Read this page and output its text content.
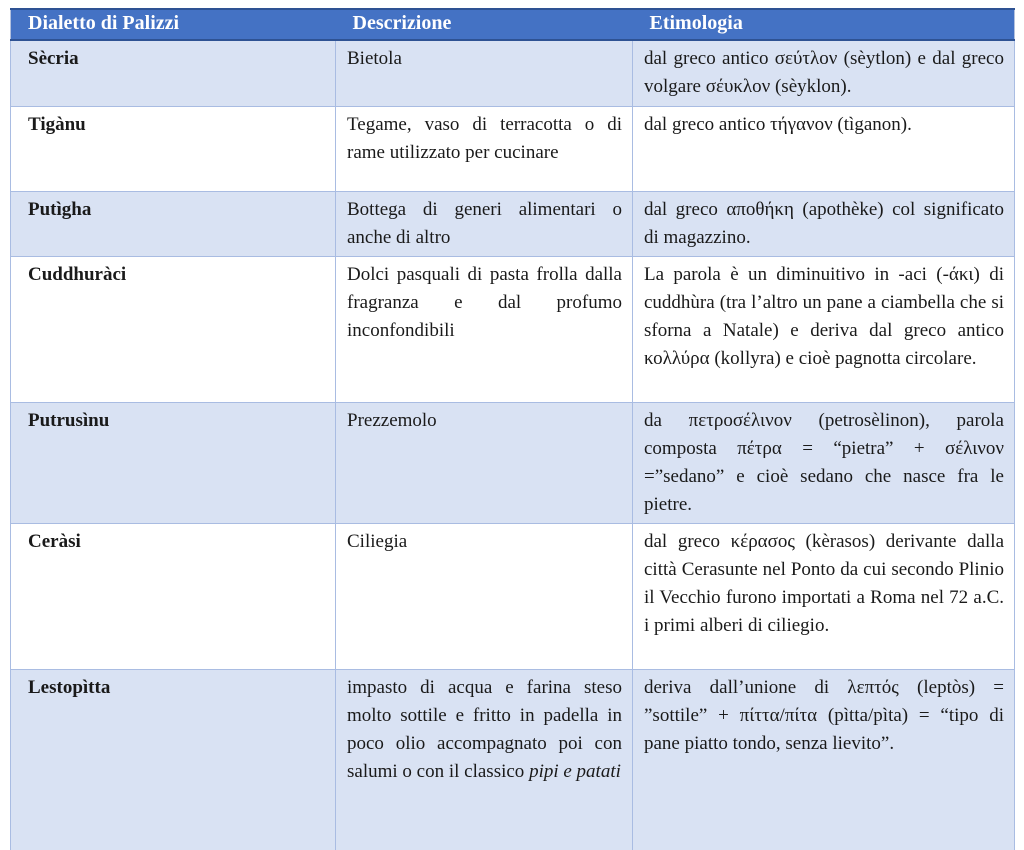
Dialetto di Palizzi	Descrizione	Etimologia
Sècria	Bietola	dal greco antico σεύτλον (sèytlon) e dal greco volgare σέυκλον (sèyklon).
Tigànu	Tegame, vaso di terracotta o di rame utilizzato per cucinare	dal greco antico τήγανον (tìganon).
Putìgha	Bottega di generi alimentari o anche di altro	dal greco αποθήκη (apothèke) col significato di magazzino.
Cuddhuràci	Dolci pasquali di pasta frolla dalla fragranza e dal profumo inconfondibili	La parola è un diminuitivo in -aci (-άκι) di cuddhùra (tra l’altro un pane a ciambella che si sforna a Natale) e deriva dal greco antico κολλύρα (kollyra) e cioè pagnotta circolare.
Putrusìnu	Prezzemolo	da πετροσέλινον (petrosèlinon), parola composta πέτρα = “pietra” + σέλινον =”sedano” e cioè sedano che nasce fra le pietre.
Ceràsi	Ciliegia	dal greco κέρασος (kèrasos) derivante dalla città Cerasunte nel Ponto da cui secondo Plinio il Vecchio furono importati a Roma nel 72 a.C. i primi alberi di ciliegio.
Lestopìtta	impasto di acqua e farina steso molto sottile e fritto in padella in poco olio accompagnato poi con salumi o con il classico pipi e patati	deriva dall’unione di λεπτός (leptòs) = ”sottile” + πίττα/πίτα (pìtta/pìta) = “tipo di pane piatto tondo, senza lievito”.
